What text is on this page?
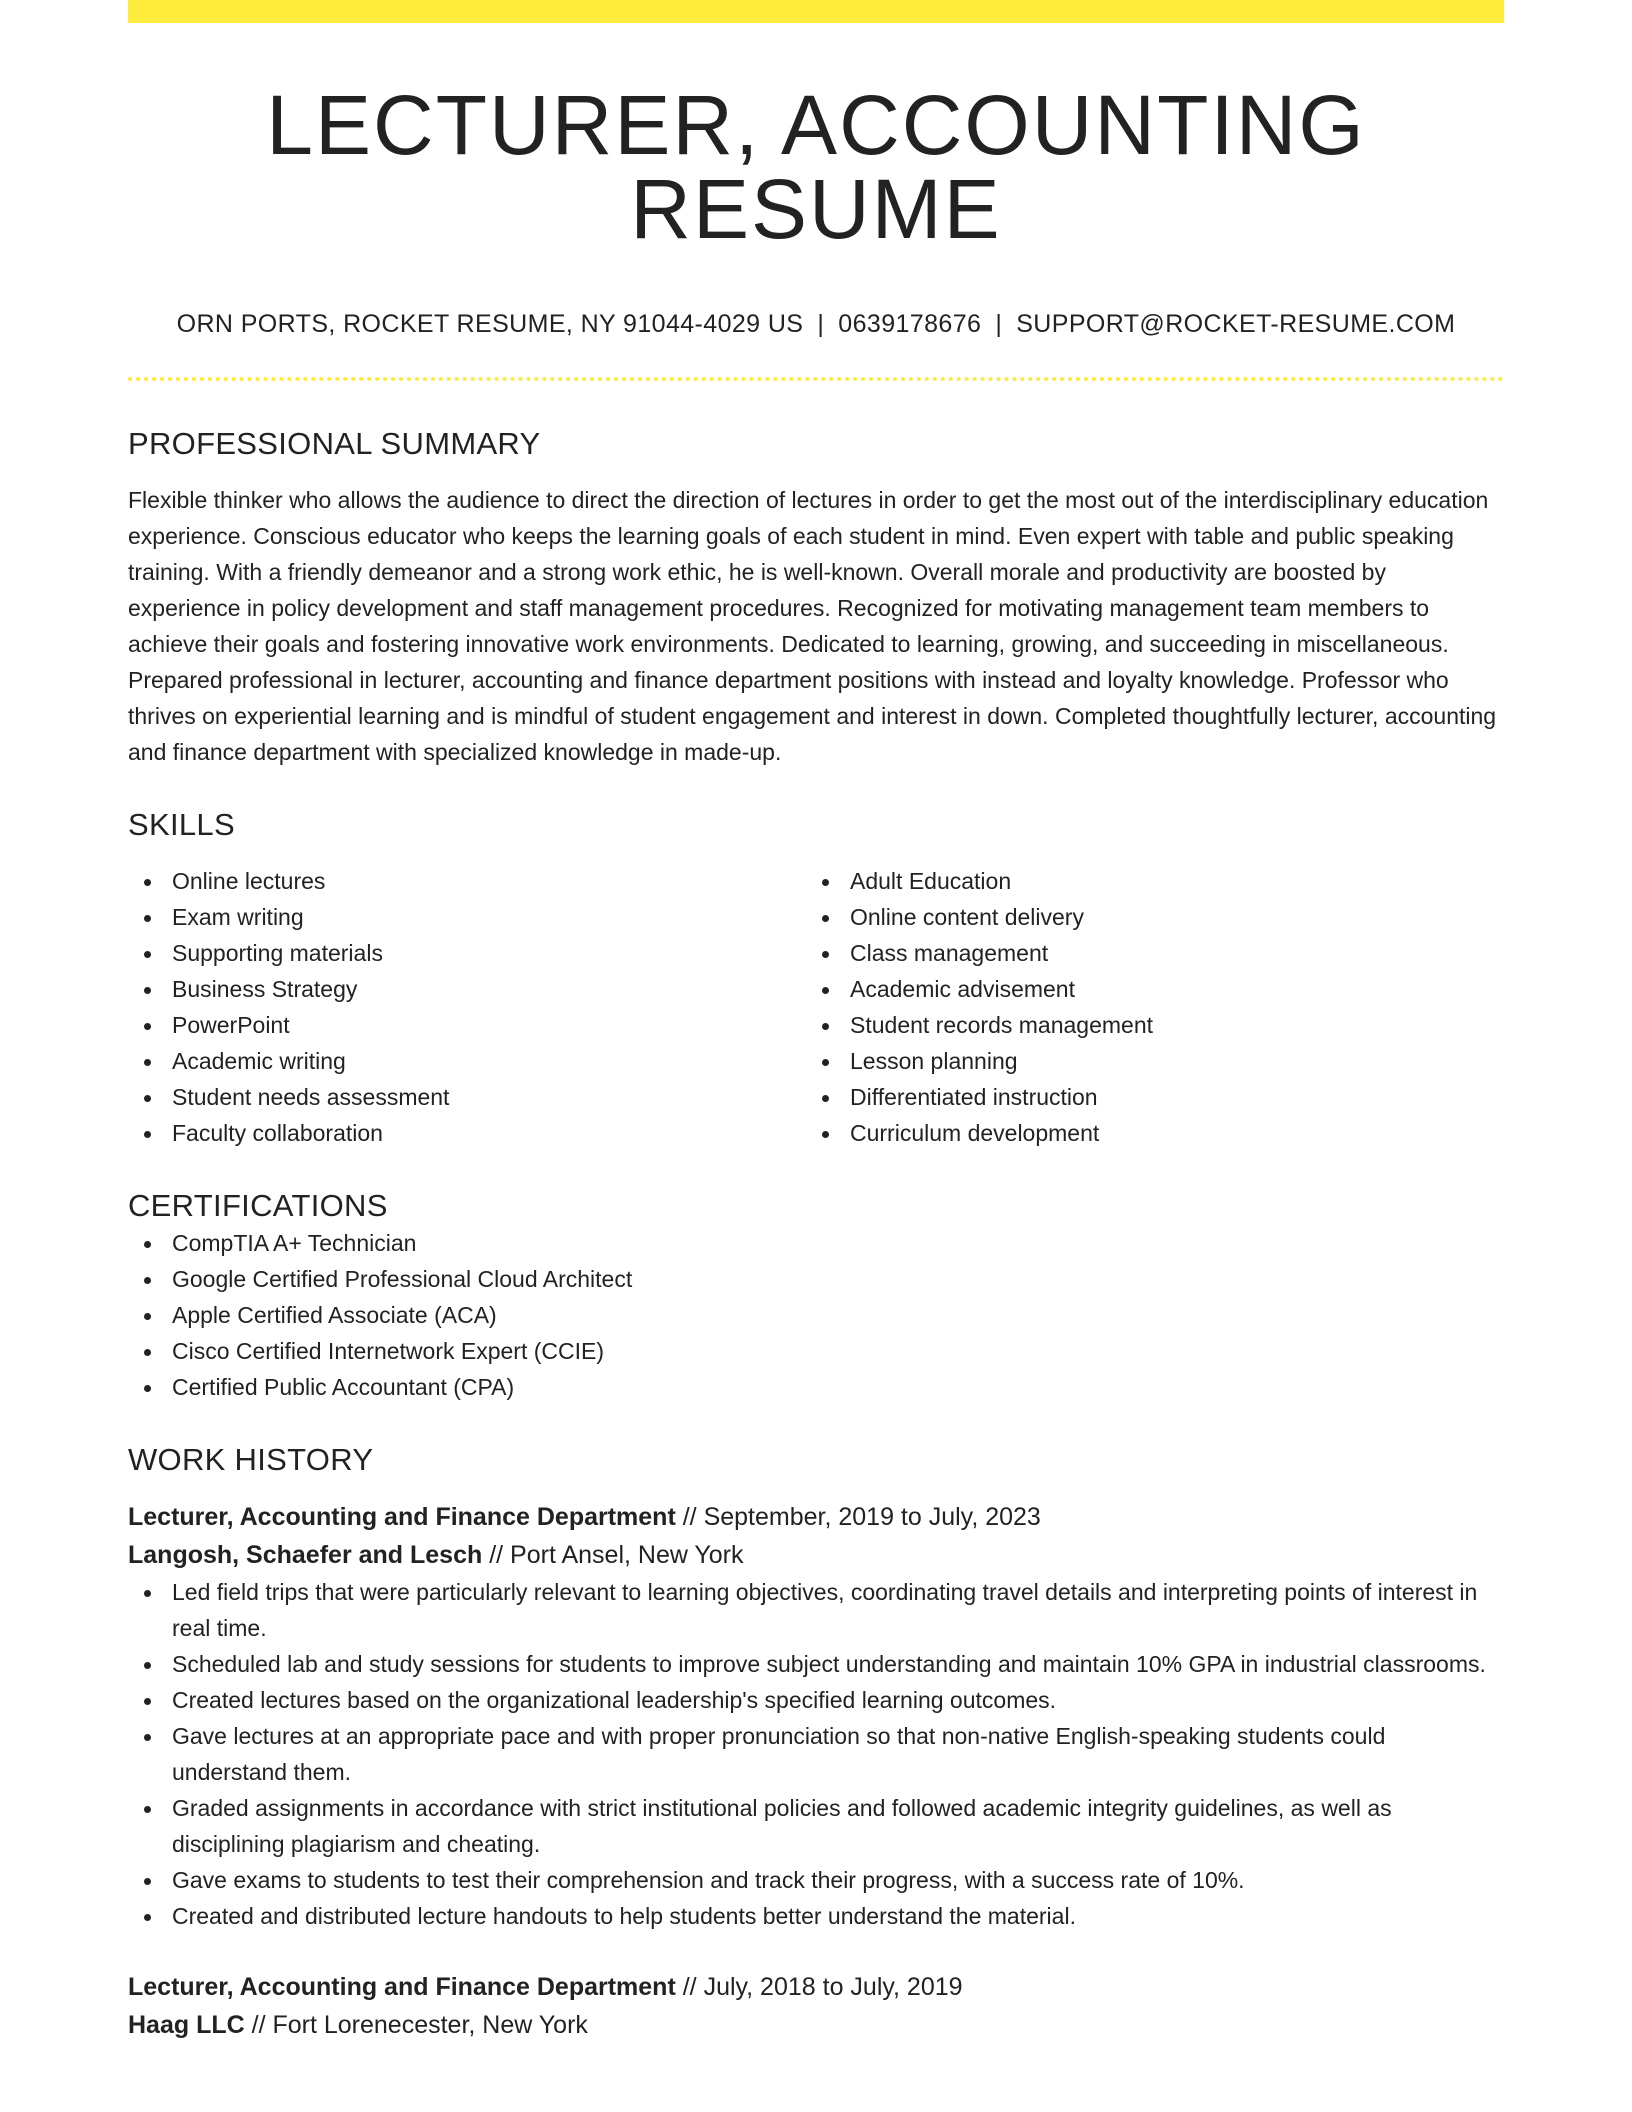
LECTURER, ACCOUNTING RESUME
ORN PORTS, ROCKET RESUME, NY 91044-4029 US | 0639178676 | SUPPORT@ROCKET-RESUME.COM
PROFESSIONAL SUMMARY
Flexible thinker who allows the audience to direct the direction of lectures in order to get the most out of the interdisciplinary education experience. Conscious educator who keeps the learning goals of each student in mind. Even expert with table and public speaking training. With a friendly demeanor and a strong work ethic, he is well-known. Overall morale and productivity are boosted by experience in policy development and staff management procedures. Recognized for motivating management team members to achieve their goals and fostering innovative work environments. Dedicated to learning, growing, and succeeding in miscellaneous. Prepared professional in lecturer, accounting and finance department positions with instead and loyalty knowledge. Professor who thrives on experiential learning and is mindful of student engagement and interest in down. Completed thoughtfully lecturer, accounting and finance department with specialized knowledge in made-up.
SKILLS
Online lectures
Exam writing
Supporting materials
Business Strategy
PowerPoint
Academic writing
Student needs assessment
Faculty collaboration
Adult Education
Online content delivery
Class management
Academic advisement
Student records management
Lesson planning
Differentiated instruction
Curriculum development
CERTIFICATIONS
CompTIA A+ Technician
Google Certified Professional Cloud Architect
Apple Certified Associate (ACA)
Cisco Certified Internetwork Expert (CCIE)
Certified Public Accountant (CPA)
WORK HISTORY
Lecturer, Accounting and Finance Department // September, 2019 to July, 2023
Langosh, Schaefer and Lesch // Port Ansel, New York
Led field trips that were particularly relevant to learning objectives, coordinating travel details and interpreting points of interest in real time.
Scheduled lab and study sessions for students to improve subject understanding and maintain 10% GPA in industrial classrooms.
Created lectures based on the organizational leadership's specified learning outcomes.
Gave lectures at an appropriate pace and with proper pronunciation so that non-native English-speaking students could understand them.
Graded assignments in accordance with strict institutional policies and followed academic integrity guidelines, as well as disciplining plagiarism and cheating.
Gave exams to students to test their comprehension and track their progress, with a success rate of 10%.
Created and distributed lecture handouts to help students better understand the material.
Lecturer, Accounting and Finance Department // July, 2018 to July, 2019
Haag LLC // Fort Lorenecester, New York
